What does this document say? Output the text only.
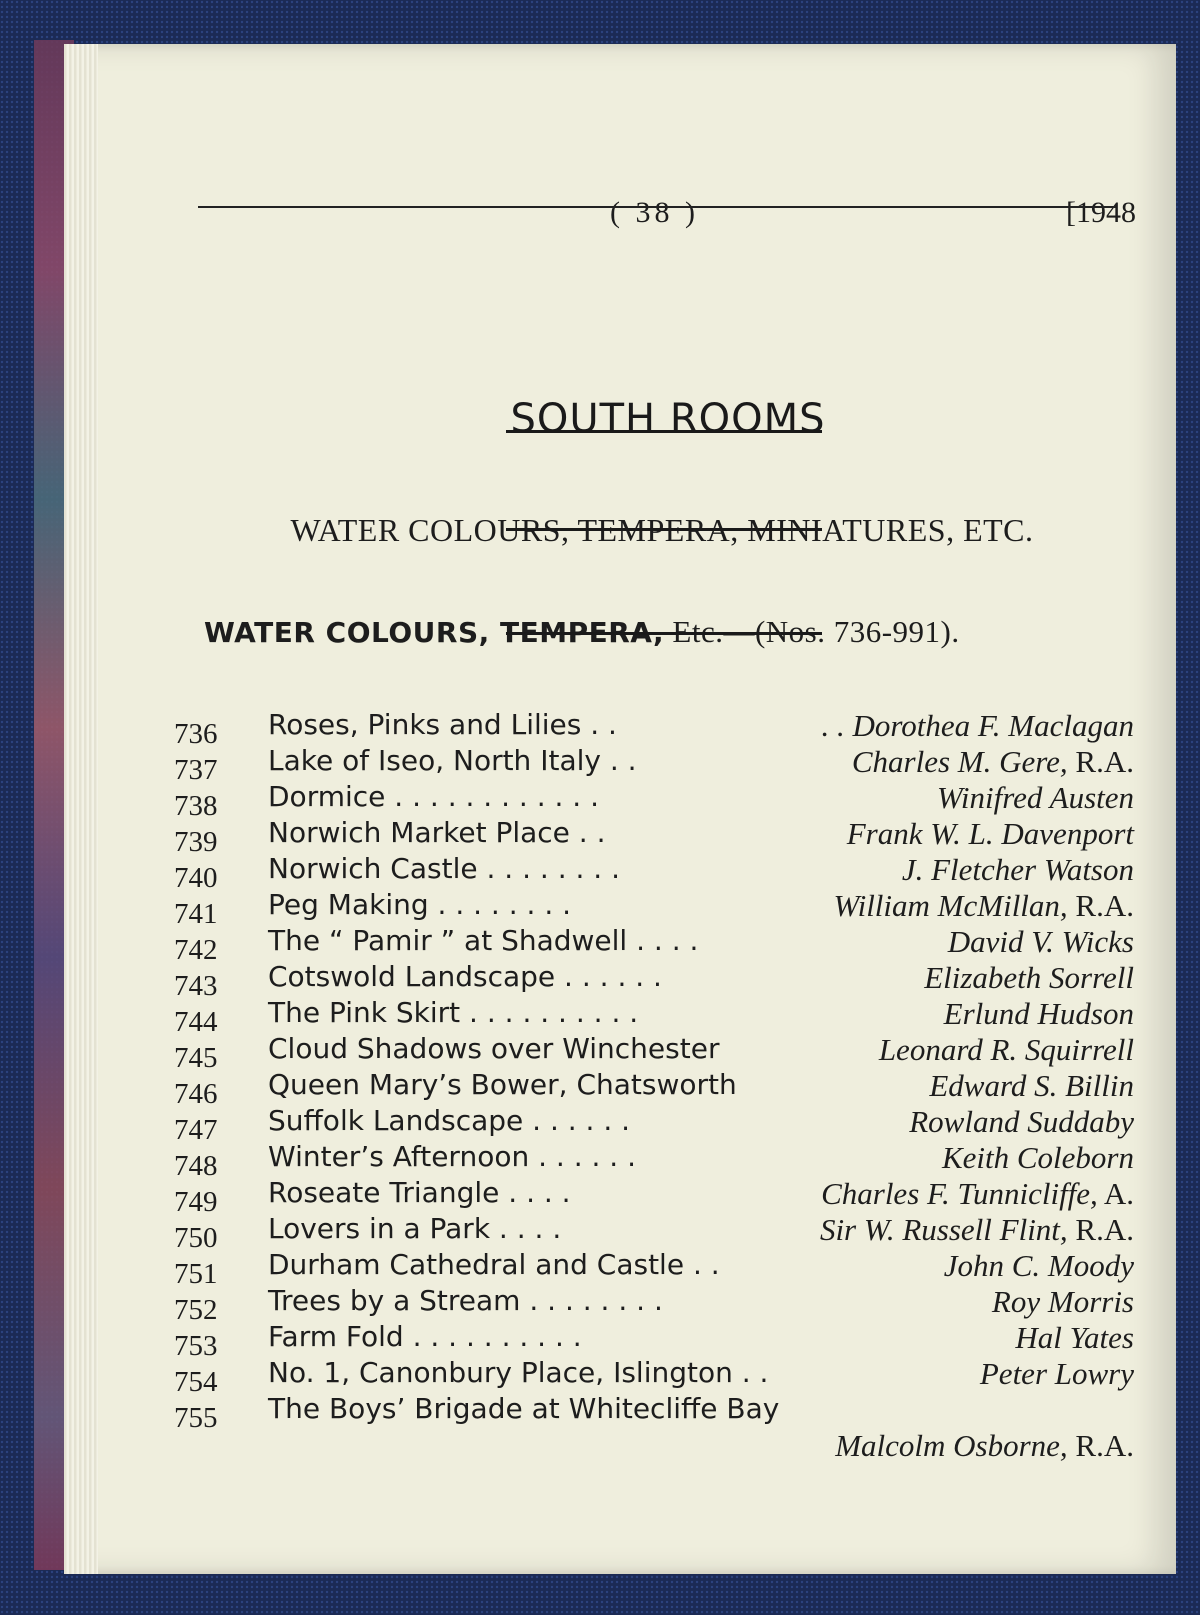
( 38 )	[1948
SOUTH ROOMS
WATER COLOURS, TEMPERA, MINIATURES, ETC.
WATER COLOURS, TEMPERA, Etc.—(Nos. 736-991).
736	Roses, Pinks and Lilies . .	. . Dorothea F. Maclagan
737	Lake of Iseo, North Italy . .	Charles M. Gere, R.A.
738	Dormice . . . . . . . . . . . .	Winifred Austen
739	Norwich Market Place . .	Frank W. L. Davenport
740	Norwich Castle . . . . . . . .	J. Fletcher Watson
741	Peg Making . . . . . . . .	William McMillan, R.A.
742	The “ Pamir ” at Shadwell . . . .	David V. Wicks
743	Cotswold Landscape . . . . . .	Elizabeth Sorrell
744	The Pink Skirt . . . . . . . . . .	Erlund Hudson
745	Cloud Shadows over Winchester	Leonard R. Squirrell
746	Queen Mary’s Bower, Chatsworth	Edward S. Billin
747	Suffolk Landscape . . . . . .	Rowland Suddaby
748	Winter’s Afternoon . . . . . .	Keith Coleborn
749	Roseate Triangle . . . .	Charles F. Tunnicliffe, A.
750	Lovers in a Park . . . .	Sir W. Russell Flint, R.A.
751	Durham Cathedral and Castle . .	John C. Moody
752	Trees by a Stream . . . . . . . .	Roy Morris
753	Farm Fold . . . . . . . . . .	Hal Yates
754	No. 1, Canonbury Place, Islington . .	Peter Lowry
755	The Boys’ Brigade at Whitecliffe Bay
Malcolm Osborne, R.A.
